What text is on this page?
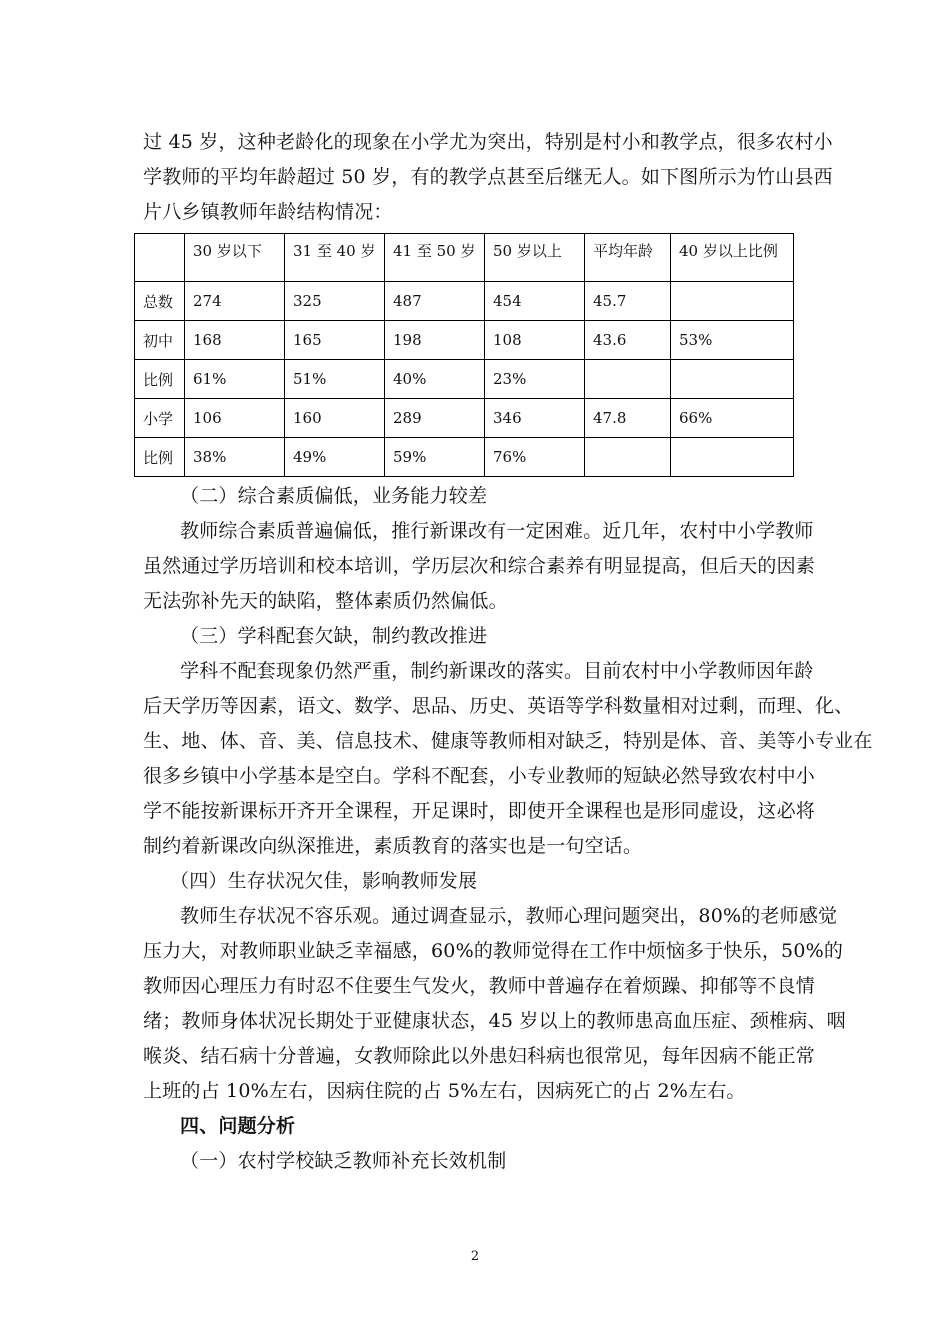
过 45 岁，这种老龄化的现象在小学尤为突出，特别是村小和教学点，很多农村小
学教师的平均年龄超过 50 岁，有的教学点甚至后继无人。如下图所示为竹山县西
片八乡镇教师年龄结构情况：
	30 岁以下	31 至 40 岁	41 至 50 岁	50 岁以上	平均年龄	40 岁以上比例
总数	274	325	487	454	45.7	
初中	168	165	198	108	43.6	53%
比例	61%	51%	40%	23%		
小学	106	160	289	346	47.8	66%
比例	38%	49%	59%	76%		
（二）综合素质偏低，业务能力较差
教师综合素质普遍偏低，推行新课改有一定困难。近几年，农村中小学教师
虽然通过学历培训和校本培训，学历层次和综合素养有明显提高，但后天的因素
无法弥补先天的缺陷，整体素质仍然偏低。
（三）学科配套欠缺，制约教改推进
学科不配套现象仍然严重，制约新课改的落实。目前农村中小学教师因年龄
后天学历等因素，语文、数学、思品、历史、英语等学科数量相对过剩，而理、化、
生、地、体、音、美、信息技术、健康等教师相对缺乏，特别是体、音、美等小专业在
很多乡镇中小学基本是空白。学科不配套，小专业教师的短缺必然导致农村中小
学不能按新课标开齐开全课程，开足课时，即使开全课程也是形同虚设，这必将
制约着新课改向纵深推进，素质教育的落实也是一句空话。
（四）生存状况欠佳，影响教师发展
教师生存状况不容乐观。通过调查显示，教师心理问题突出，80%的老师感觉
压力大，对教师职业缺乏幸福感，60%的教师觉得在工作中烦恼多于快乐，50%的
教师因心理压力有时忍不住要生气发火，教师中普遍存在着烦躁、抑郁等不良情
绪；教师身体状况长期处于亚健康状态，45 岁以上的教师患高血压症、颈椎病、咽
喉炎、结石病十分普遍，女教师除此以外患妇科病也很常见，每年因病不能正常
上班的占 10%左右，因病住院的占 5%左右，因病死亡的占 2%左右。
四、问题分析
（一）农村学校缺乏教师补充长效机制
2
